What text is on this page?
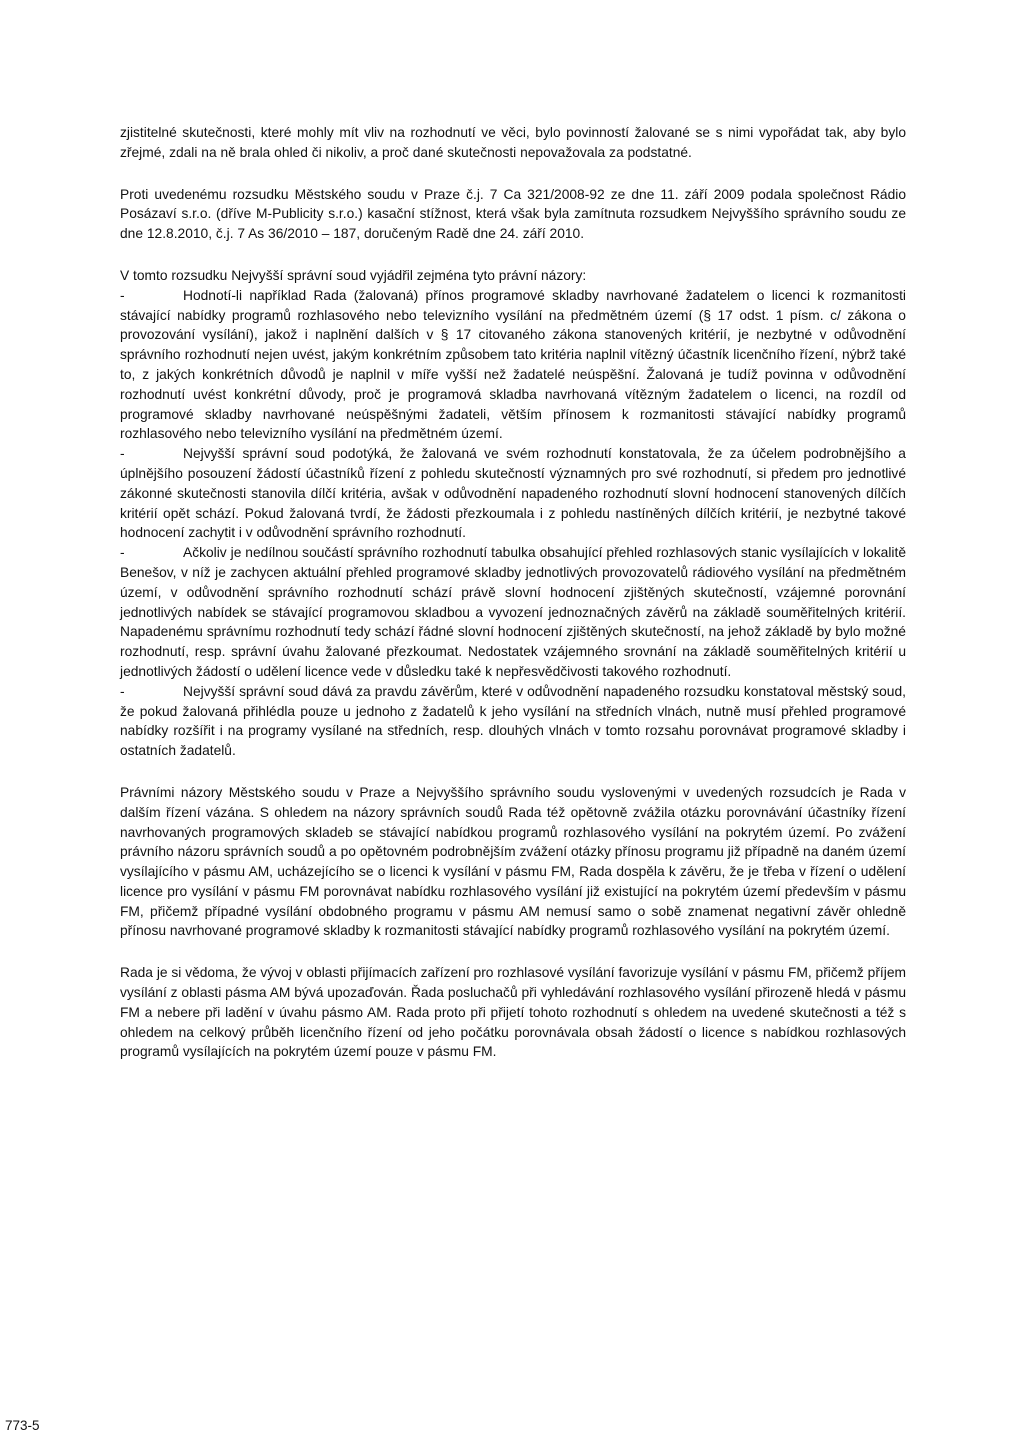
zjistitelné skutečnosti, které mohly mít vliv na rozhodnutí ve věci, bylo povinností žalované se s nimi vypořádat tak, aby bylo zřejmé, zdali na ně brala ohled či nikoliv, a proč dané skutečnosti nepovažovala za podstatné.

Proti uvedenému rozsudku Městského soudu v Praze č.j. 7 Ca 321/2008-92 ze dne 11. září 2009 podala společnost Rádio Posázaví s.r.o. (dříve M-Publicity s.r.o.) kasační stížnost, která však byla zamítnuta rozsudkem Nejvyššího správního soudu ze dne 12.8.2010, č.j. 7 As 36/2010 – 187, doručeným Radě dne 24. září 2010.

V tomto rozsudku Nejvyšší správní soud vyjádřil zejména tyto právní názory:

-	Hodnotí-li například Rada (žalovaná) přínos programové skladby navrhované žadatelem o licenci k rozmanitosti stávající nabídky programů rozhlasového nebo televizního vysílání na předmětném území (§ 17 odst. 1 písm. c/ zákona o provozování vysílání), jakož i naplnění dalších v § 17 citovaného zákona stanovených kritérií, je nezbytné v odůvodnění správního rozhodnutí nejen uvést, jakým konkrétním způsobem tato kritéria naplnil vítězný účastník licenčního řízení, nýbrž také to, z jakých konkrétních důvodů je naplnil v míře vyšší než žadatelé neúspěšní. Žalovaná je tudíž povinna v odůvodnění rozhodnutí uvést konkrétní důvody, proč je programová skladba navrhovaná vítězným žadatelem o licenci, na rozdíl od programové skladby navrhované neúspěšnými žadateli, větším přínosem k rozmanitosti stávající nabídky programů rozhlasového nebo televizního vysílání na předmětném území.

-	Nejvyšší správní soud podotýká, že žalovaná ve svém rozhodnutí konstatovala, že za účelem podrobnějšího a úplnějšího posouzení žádostí účastníků řízení z pohledu skutečností významných pro své rozhodnutí, si předem pro jednotlivé zákonné skutečnosti stanovila dílčí kritéria, avšak v odůvodnění napadeného rozhodnutí slovní hodnocení stanovených dílčích kritérií opět schází. Pokud žalovaná tvrdí, že žádosti přezkoumala i z pohledu nastíněných dílčích kritérií, je nezbytné takové hodnocení zachytit i v odůvodnění správního rozhodnutí.

-	Ačkoliv je nedílnou součástí správního rozhodnutí tabulka obsahující přehled rozhlasových stanic vysílajících v lokalitě Benešov, v níž je zachycen aktuální přehled programové skladby jednotlivých provozovatelů rádiového vysílání na předmětném území, v odůvodnění správního rozhodnutí schází právě slovní hodnocení zjištěných skutečností, vzájemné porovnání jednotlivých nabídek se stávající programovou skladbou a vyvození jednoznačných závěrů na základě souměřitelných kritérií. Napadenému správnímu rozhodnutí tedy schází řádné slovní hodnocení zjištěných skutečností, na jehož základě by bylo možné rozhodnutí, resp. správní úvahu žalované přezkoumat. Nedostatek vzájemného srovnání na základě souměřitelných kritérií u jednotlivých žádostí o udělení licence vede v důsledku také k nepřesvědčivosti takového rozhodnutí.

-	Nejvyšší správní soud dává za pravdu závěrům, které v odůvodnění napadeného rozsudku konstatoval městský soud, že pokud žalovaná přihlédla pouze u jednoho z žadatelů k jeho vysílání na středních vlnách, nutně musí přehled programové nabídky rozšířit i na programy vysílané na středních, resp. dlouhých vlnách v tomto rozsahu porovnávat programové skladby i ostatních žadatelů.

Právními názory Městského soudu v Praze a Nejvyššího správního soudu vyslovenými v uvedených rozsudcích je Rada v dalším řízení vázána. S ohledem na názory správních soudů Rada též opětovně zvážila otázku porovnávání účastníky řízení navrhovaných programových skladeb se stávající nabídkou programů rozhlasového vysílání na pokrytém území. Po zvážení právního názoru správních soudů a po opětovném podrobnějším zvážení otázky přínosu programu již případně na daném území vysílajícího v pásmu AM, ucházejícího se o licenci k vysílání v pásmu FM, Rada dospěla k závěru, že je třeba v řízení o udělení licence pro vysílání v pásmu FM porovnávat nabídku rozhlasového vysílání již existující na pokrytém území především v pásmu FM, přičemž případné vysílání obdobného programu v pásmu AM nemusí samo o sobě znamenat negativní závěr ohledně přínosu navrhované programové skladby k rozmanitosti stávající nabídky programů rozhlasového vysílání na pokrytém území.

Rada je si vědoma, že vývoj v oblasti přijímacích zařízení pro rozhlasové vysílání favorizuje vysílání v pásmu FM, přičemž příjem vysílání z oblasti pásma AM bývá upozaďován. Řada posluchačů při vyhledávání rozhlasového vysílání přirozeně hledá v pásmu FM a nebere při ladění v úvahu pásmo AM. Rada proto při přijetí tohoto rozhodnutí s ohledem na uvedené skutečnosti a též s ohledem na celkový průběh licenčního řízení od jeho počátku porovnávala obsah žádostí o licence s nabídkou rozhlasových programů vysílajících na pokrytém území pouze v pásmu FM.

773-5
